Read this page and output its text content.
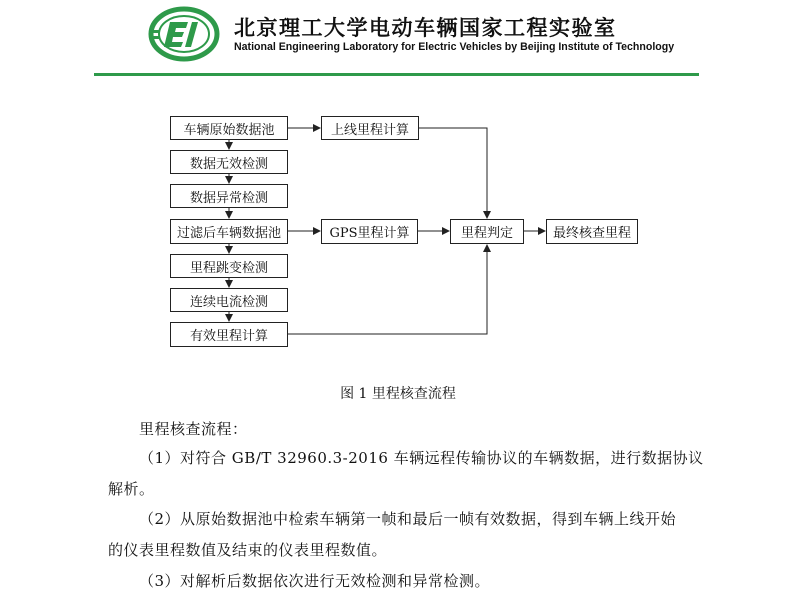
北京理工大学电动车辆国家工程实验室
National Engineering Laboratory for Electric Vehicles by Beijing Institute of Technology
车辆原始数据池
数据无效检测
数据异常检测
过滤后车辆数据池
里程跳变检测
连续电流检测
有效里程计算
上线里程计算
GPS里程计算	里程判定	最终核查里程
图 1 里程核查流程
里程核查流程：
（1）对符合 GB/T 32960.3-2016 车辆远程传输协议的车辆数据，进行数据协议
解析。
（2）从原始数据池中检索车辆第一帧和最后一帧有效数据，得到车辆上线开始
的仪表里程数值及结束的仪表里程数值。
（3）对解析后数据依次进行无效检测和异常检测。
